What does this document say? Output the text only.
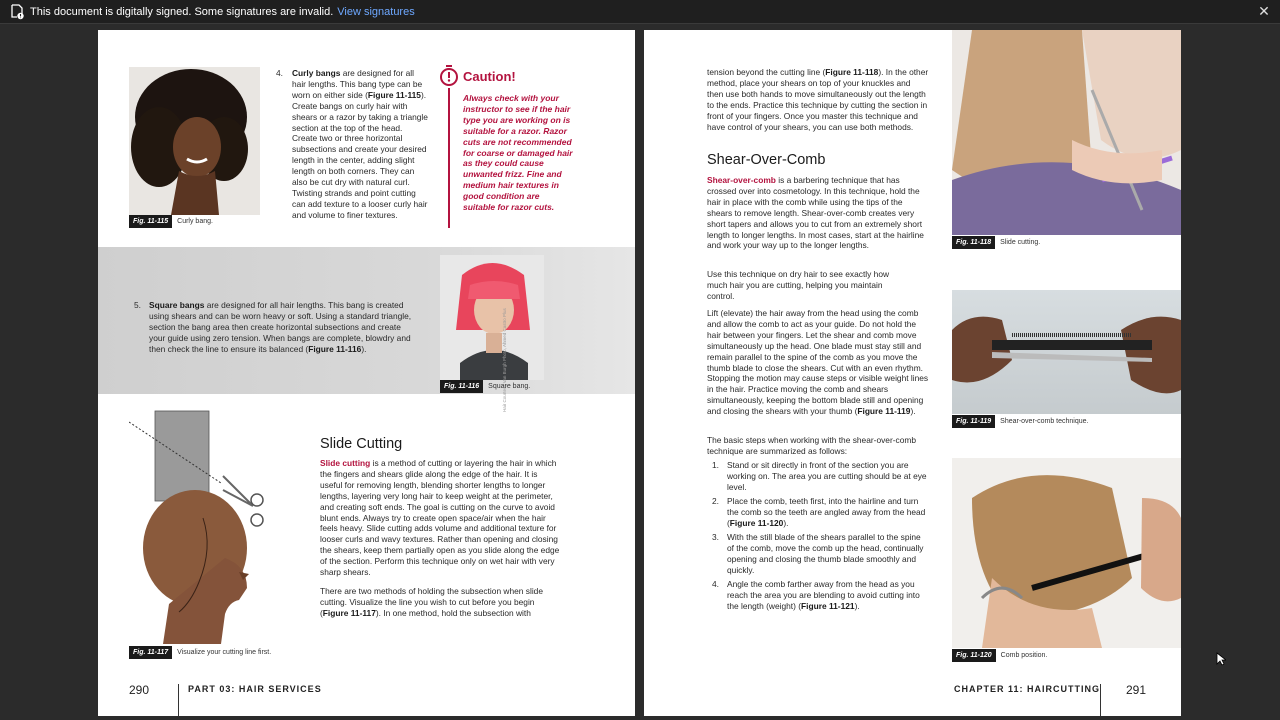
This document is digitally signed. Some signatures are invalid. View signatures	✕
Fig. 11-115	Curly bang.
4. Curly bangs are designed for all hair lengths. This bang type can be worn on either side (Figure 11-115). Create bangs on curly hair with shears or a razor by taking a triangle section at the top of the head. Create two or three horizontal subsections and create your desired length in the center, adding slight length on both corners. They can also be cut dry with natural curl. Twisting strands and point cutting can add texture to a looser curly hair and volume to finer textures.
Caution!
Always check with your instructor to see if the hair type you are working on is suitable for a razor. Razor cuts are not recommended for coarse or damaged hair as they could cause unwanted frizz. Fine and medium hair textures in good condition are suitable for razor cuts.
5. Square bangs are designed for all hair lengths. This bang is created using shears and can be worn heavy or soft. Using a standard triangle, section the bang area then create horizontal subsections and create your guide using zero tension. When bangs are complete, blowdry and then check the line to ensure its balanced (Figure 11-116).	Hair Courtesy Van Burgh Photo, Ahmed Castro Plus
Fig. 11-116	Square bang.
Fig. 11-117	Visualize your cutting line first.
Slide Cutting
Slide cutting is a method of cutting or layering the hair in which the fingers and shears glide along the edge of the hair. It is useful for removing length, blending shorter lengths to longer lengths, layering very long hair to keep weight at the perimeter, and creating soft ends. The goal is cutting on the curve to avoid blunt ends. Always try to create open space/air when the hair feels heavy. Slide cutting adds volume and additional texture for looser curls and wavy textures. Rather than opening and closing the shears, keep them partially open as you slide along the edge of the section. Perform this technique only on wet hair with very sharp shears.
There are two methods of holding the subsection when slide cutting. Visualize the line you wish to cut before you begin (Figure 11-117). In one method, hold the subsection with
290	PART 03: HAIR SERVICES
tension beyond the cutting line (Figure 11-118). In the other method, place your shears on top of your knuckles and then use both hands to move simultaneously out the length to the ends. Practice this technique by cutting the section in front of your fingers. Once you master this technique and have control of your shears, you can use both methods.
Shear-Over-Comb
Shear-over-comb is a barbering technique that has crossed over into cosmetology. In this technique, hold the hair in place with the comb while using the tips of the shears to remove length. Shear-over-comb creates very short tapers and allows you to cut from an extremely short length to longer lengths. In most cases, start at the hairline and work your way up to the longer lengths.
Use this technique on dry hair to see exactly how much hair you are cutting, helping you maintain control.
Lift (elevate) the hair away from the head using the comb and allow the comb to act as your guide. Do not hold the hair between your fingers. Let the shear and comb move simultaneously up the head. One blade must stay still and remain parallel to the spine of the comb as you move the thumb blade to close the shears. Cut with an even rhythm. Stopping the motion may cause steps or visible weight lines in the hair. Practice moving the comb and shears simultaneously, keeping the bottom blade still and opening and closing the shears with your thumb (Figure 11-119).
The basic steps when working with the shear-over-comb technique are summarized as follows:
1. Stand or sit directly in front of the section you are working on. The area you are cutting should be at eye level.
2. Place the comb, teeth first, into the hairline and turn the comb so the teeth are angled away from the head (Figure 11-120).
3. With the still blade of the shears parallel to the spine of the comb, move the comb up the head, continually opening and closing the thumb blade smoothly and quickly.
4. Angle the comb farther away from the head as you reach the area you are blending to avoid cutting into the length (weight) (Figure 11-121).
Fig. 11-118	Slide cutting.
Fig. 11-119	Shear-over-comb technique.
Fig. 11-120	Comb position.
CHAPTER 11: HAIRCUTTING 291
